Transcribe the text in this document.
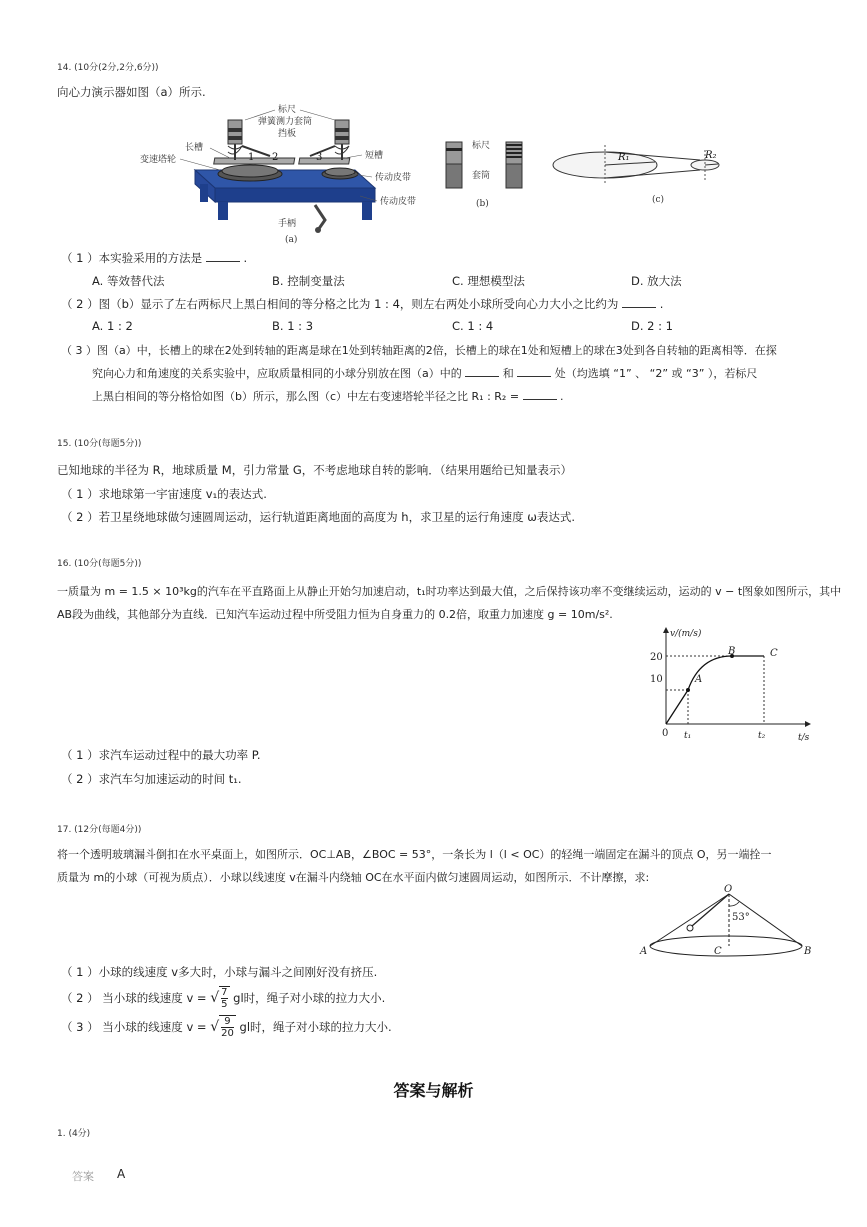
14. (10分(2分,2分,6分))
向心力演示器如图（a）所示.
标尺
弹簧测力套筒
挡板
长槽
变速塔轮	1 2	3	短槽
传动皮带
传动皮带
手柄
(a)
标尺
套筒
(b)
R₁	R₂
(c)
（ 1 ）本实验采用的方法是	.
A. 等效替代法	B. 控制变量法	C. 理想模型法	D. 放大法
（ 2 ）图（b）显示了左右两标尺上黑白相间的等分格之比为 1 : 4，则左右两处小球所受向心力大小之比约为	.
A. 1 : 2	B. 1 : 3	C. 1 : 4	D. 2 : 1
（ 3 ）图（a）中，长槽上的球在2处到转轴的距离是球在1处到转轴距离的2倍，长槽上的球在1处和短槽上的球在3处到各自转轴的距离相等．在探
究向心力和角速度的关系实验中，应取质量相同的小球分别放在图（a）中的	和	处（均选填 “1” 、 “2” 或 “3” ），若标尺
上黑白相间的等分格恰如图（b）所示，那么图（c）中左右变速塔轮半径之比 R₁ : R₂ =	.
15. (10分(每题5分))
已知地球的半径为 R，地球质量 M，引力常量 G，不考虑地球自转的影响．（结果用题给已知量表示）
（ 1 ）求地球第一宇宙速度 v₁的表达式.
（ 2 ）若卫星绕地球做匀速圆周运动，运行轨道距离地面的高度为 h，求卫星的运行角速度 ω表达式.
16. (10分(每题5分))
一质量为 m = 1.5 × 10³kg的汽车在平直路面上从静止开始匀加速启动，t₁时功率达到最大值，之后保持该功率不变继续运动，运动的 v − t图象如图所示，其中
AB段为曲线，其他部分为直线．已知汽车运动过程中所受阻力恒为自身重力的 0.2倍，取重力加速度 g = 10m/s².
v/(m/s)
t/s
10
20
0 t₁	t₂
A
B	C
（ 1 ）求汽车运动过程中的最大功率 P.
（ 2 ）求汽车匀加速运动的时间 t₁.
17. (12分(每题4分))
将一个透明玻璃漏斗倒扣在水平桌面上，如图所示．OC⊥AB，∠BOC = 53°，一条长为 l（l < OC）的轻绳一端固定在漏斗的顶点 O，另一端拴一
质量为 m的小球（可视为质点）．小球以线速度 v在漏斗内绕轴 OC在水平面内做匀速圆周运动，如图所示．不计摩擦，求:
O
53°
A	C	B
（ 1 ）小球的线速度 v多大时，小球与漏斗之间刚好没有挤压.
（ 2 ） 当小球的线速度 v = √ $\frac{7}{5}$ gl时，绳子对小球的拉力大小.
（ 3 ） 当小球的线速度 v = √ $\frac{9}{20}$ gl时，绳子对小球的拉力大小.
答案与解析
1. (4分)
答案 A
